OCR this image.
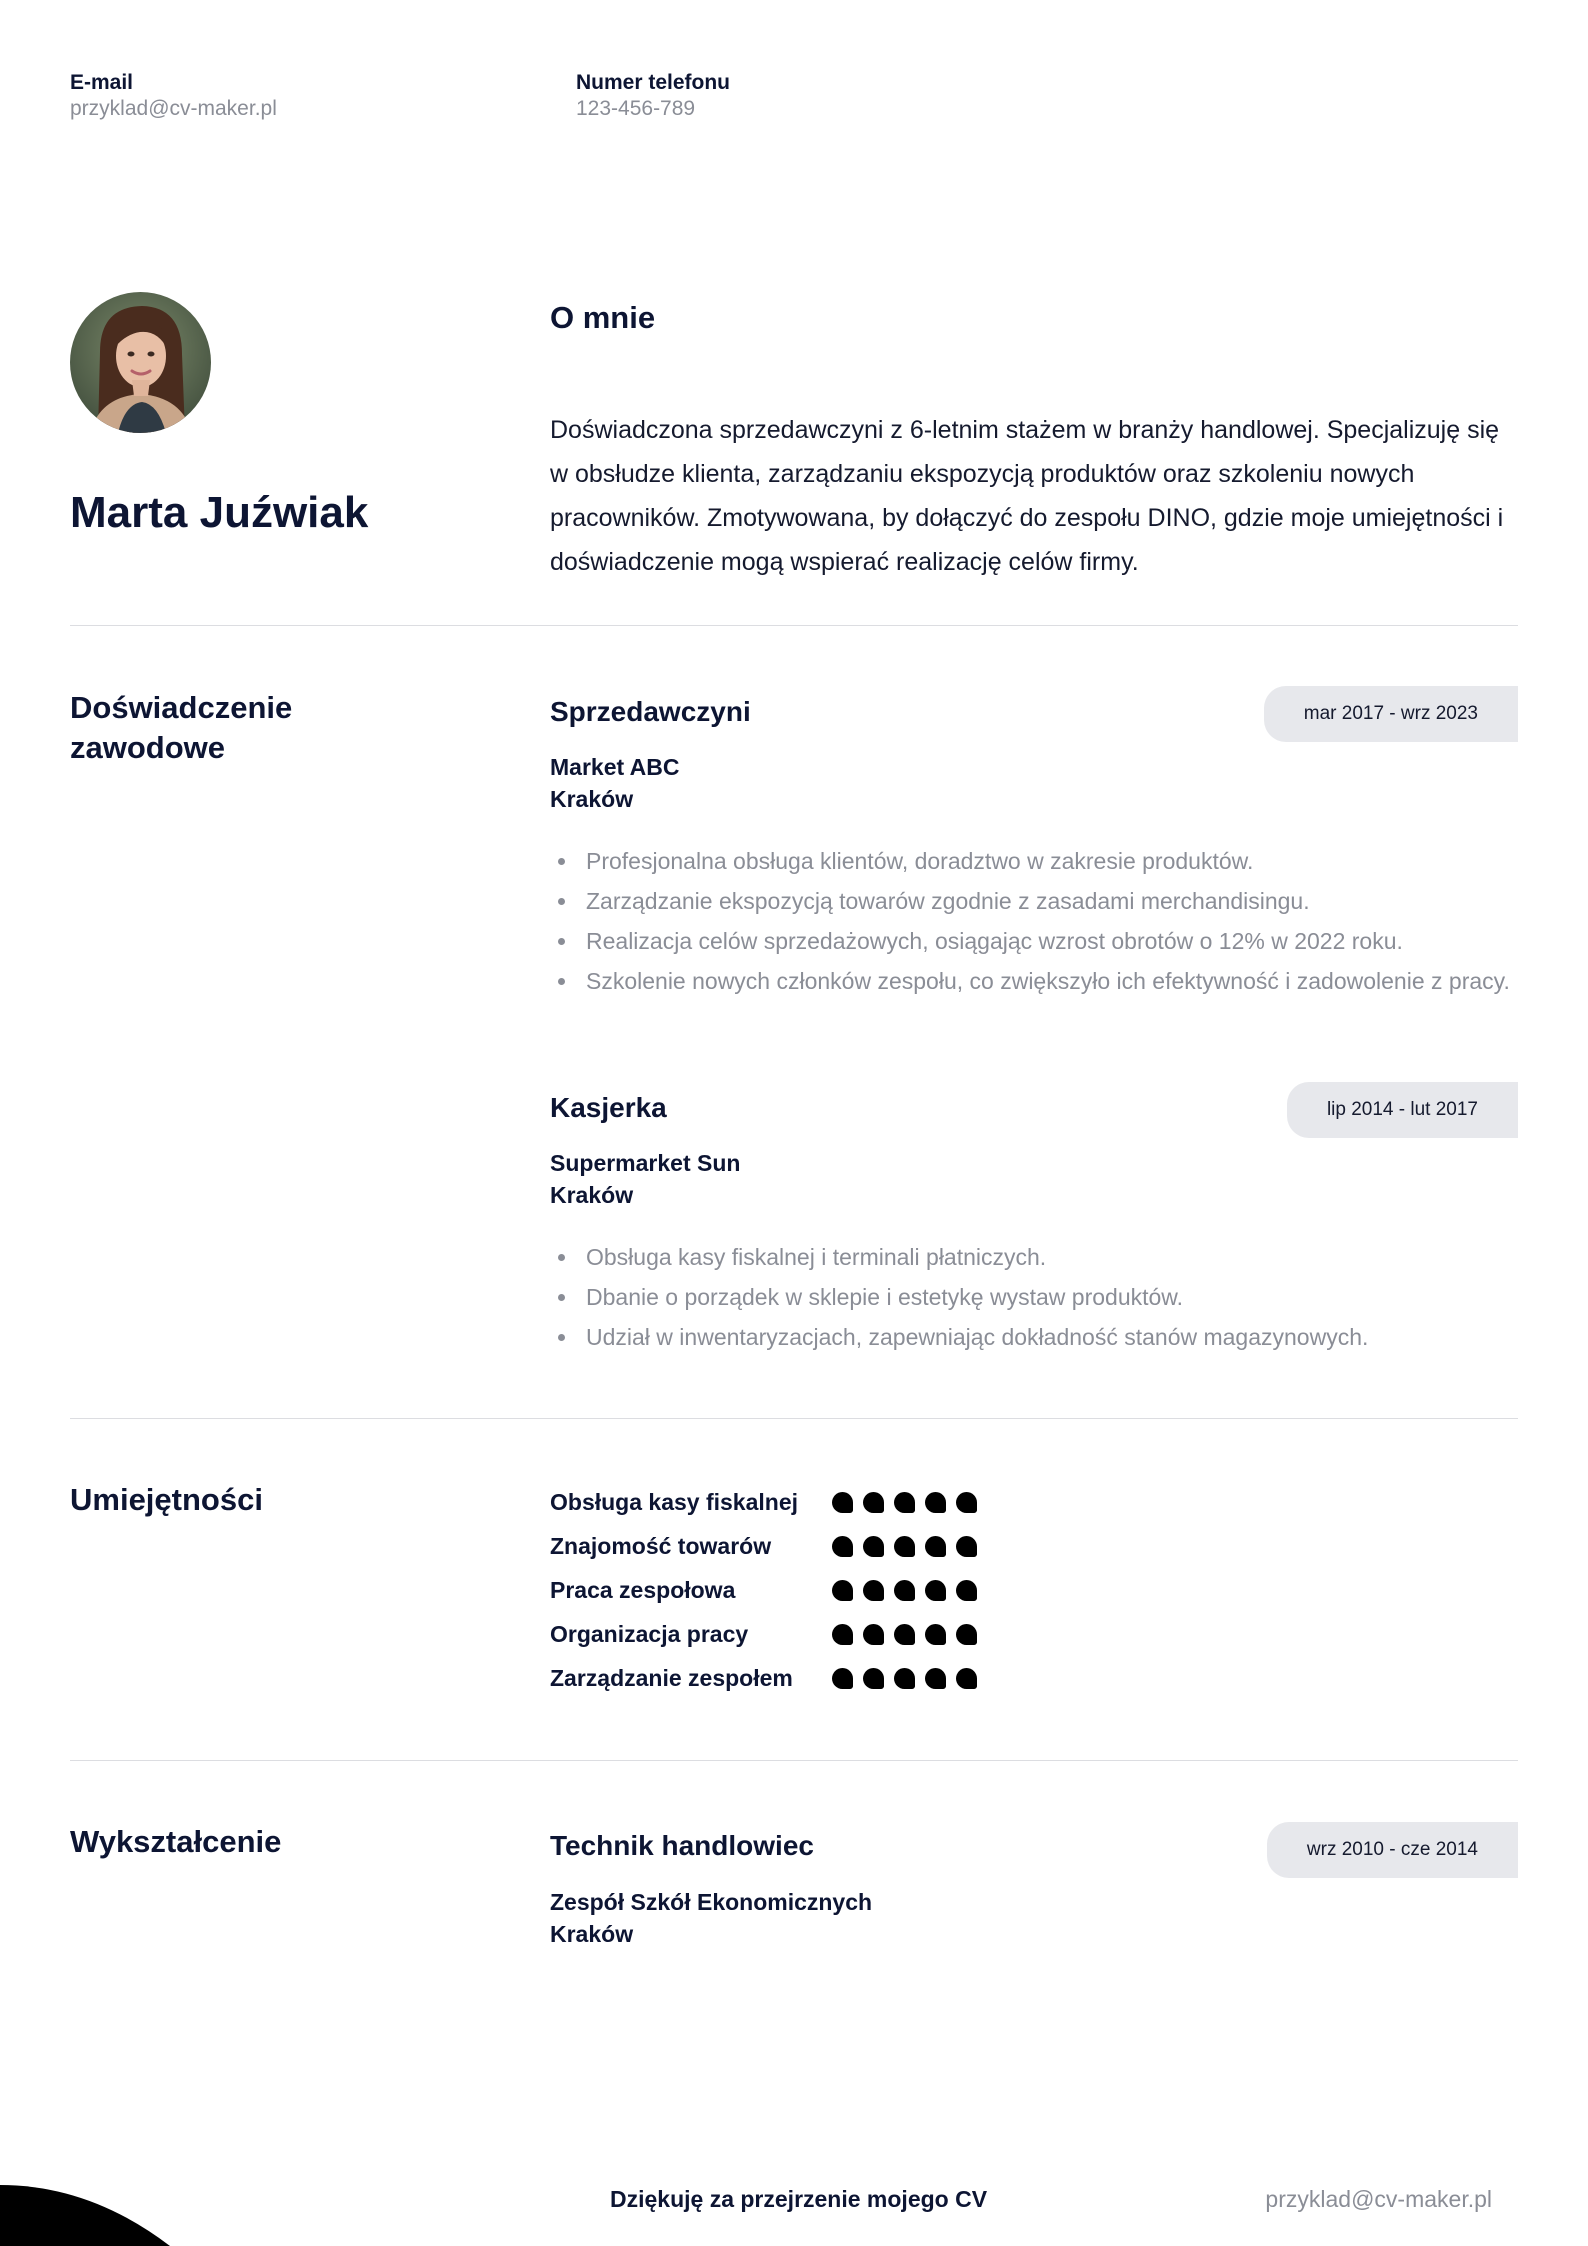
E-mail
przyklad@cv-maker.pl
Numer telefonu
123-456-789
Marta Juźwiak
O mnie
Doświadczona sprzedawczyni z 6-letnim stażem w branży handlowej. Specjalizuję się w obsłudze klienta, zarządzaniu ekspozycją produktów oraz szkoleniu nowych pracowników. Zmotywowana, by dołączyć do zespołu DINO, gdzie moje umiejętności i doświadczenie mogą wspierać realizację celów firmy.
Doświadczenie
zawodowe
Sprzedawczyni	mar 2017 - wrz 2023
Market ABC
Kraków
Profesjonalna obsługa klientów, doradztwo w zakresie produktów.
Zarządzanie ekspozycją towarów zgodnie z zasadami merchandisingu.
Realizacja celów sprzedażowych, osiągając wzrost obrotów o 12% w 2022 roku.
Szkolenie nowych członków zespołu, co zwiększyło ich efektywność i zadowolenie z pracy.
Kasjerka	lip 2014 - lut 2017
Supermarket Sun
Kraków
Obsługa kasy fiskalnej i terminali płatniczych.
Dbanie o porządek w sklepie i estetykę wystaw produktów.
Udział w inwentaryzacjach, zapewniając dokładność stanów magazynowych.
Umiejętności	Obsługa kasy fiskalnej
Znajomość towarów
Praca zespołowa
Organizacja pracy
Zarządzanie zespołem
Wykształcenie	Technik handlowiec	wrz 2010 - cze 2014
Zespół Szkół Ekonomicznych
Kraków
Dziękuję za przejrzenie mojego CV	przyklad@cv-maker.pl
